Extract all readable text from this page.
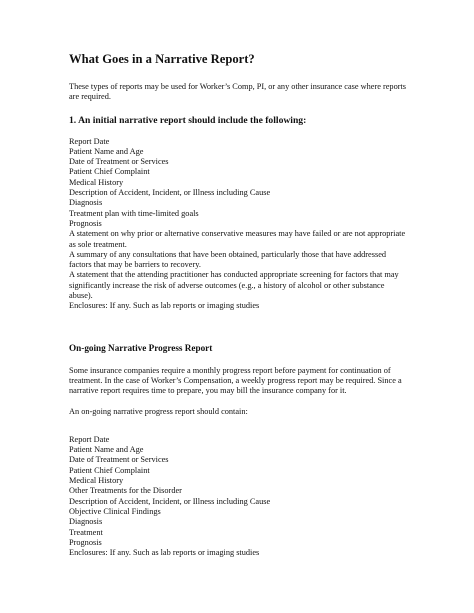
What Goes in a Narrative Report?

These types of reports may be used for Worker’s Comp, PI, or any other insurance case where reports are required.

1. An initial narrative report should include the following:
Report Date
Patient Name and Age
Date of Treatment or Services
Patient Chief Complaint
Medical History
Description of Accident, Incident, or Illness including Cause
Diagnosis
Treatment plan with time-limited goals
Prognosis
A statement on why prior or alternative conservative measures may have failed or are not appropriate as sole treatment.
A summary of any consultations that have been obtained, particularly those that have addressed factors that may be barriers to recovery.
A statement that the attending practitioner has conducted appropriate screening for factors that may significantly increase the risk of adverse outcomes (e.g., a history of alcohol or other substance abuse).
Enclosures: If any. Such as lab reports or imaging studies
On-going Narrative Progress Report

Some insurance companies require a monthly progress report before payment for continuation of treatment. In the case of Worker’s Compensation, a weekly progress report may be required. Since a narrative report requires time to prepare, you may bill the insurance company for it.

An on-going narrative progress report should contain:

Report Date
Patient Name and Age
Date of Treatment or Services
Patient Chief Complaint
Medical History
Other Treatments for the Disorder
Description of Accident, Incident, or Illness including Cause
Objective Clinical Findings
Diagnosis
Treatment
Prognosis
Enclosures: If any. Such as lab reports or imaging studies
